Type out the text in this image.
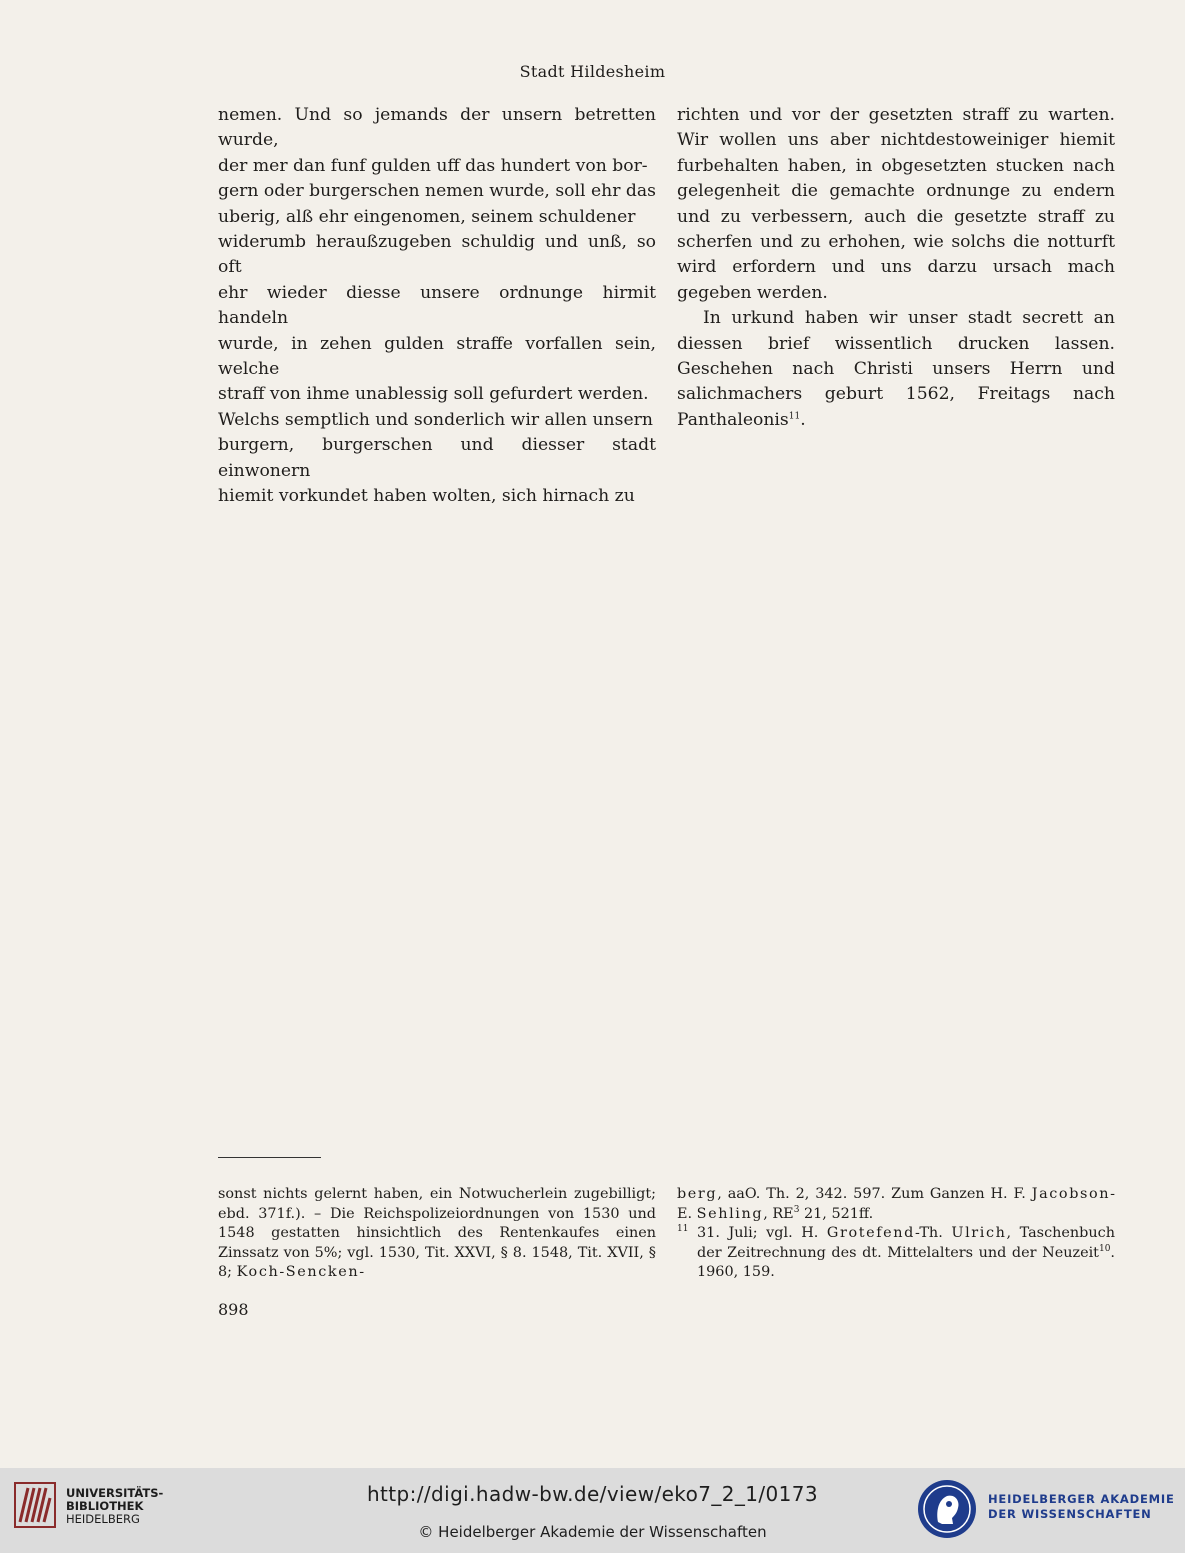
Stadt Hildesheim

nemen. Und so jemands der unsern betretten wurde,

der mer dan funf gulden uff das hundert von bor-

gern oder burgerschen nemen wurde, soll ehr das

uberig, alß ehr eingenomen, seinem schuldener

widerumb heraußzugeben schuldig und unß, so oft

ehr wieder diesse unsere ordnunge hirmit handeln

wurde, in zehen gulden straffe vorfallen sein, welche

straff von ihme unablessig soll gefurdert werden.

Welchs semptlich und sonderlich wir allen unsern

burgern, burgerschen und diesser stadt einwonern

hiemit vorkundet haben wolten, sich hirnach zu

richten und vor der gesetzten straff zu warten. Wir wollen uns aber nichtdestoweiniger hiemit furbehalten haben, in obgesetzten stucken nach gelegenheit die gemachte ordnunge zu endern und zu verbessern, auch die gesetzte straff zu scherfen und zu erhohen, wie solchs die notturft wird erfordern und uns darzu ursach mach gegeben werden.

In urkund haben wir unser stadt secrett an diessen brief wissentlich drucken lassen. Geschehen nach Christi unsers Herrn und salichmachers geburt 1562, Freitags nach Panthaleonis$^{11}$.

sonst nichts gelernt haben, ein Notwucherlein zugebilligt; ebd. 371f.). – Die Reichspolizeiordnungen von 1530 und 1548 gestatten hinsichtlich des Rentenkaufes einen Zinssatz von 5%; vgl. 1530, Tit. XXVI, § 8. 1548, Tit. XVII, § 8; Koch-Sencken-

berg, aaO. Th. 2, 342. 597. Zum Ganzen H. F. Jacobson-E. Sehling, $RE^3$ 21, 521ff.

$^{11}$ 31. Juli; vgl. H. Grotefend-Th. Ulrich, Taschenbuch der Zeitrechnung des dt. Mittelalters und der Neuzeit$^{10}$. 1960, 159.

898
UNIVERSITÄTS-
BIBLIOTHEK
HEIDELBERG
http://digi.hadw-bw.de/view/eko7_2_1/0173
© Heidelberger Akademie der Wissenschaften
HEIDELBERGER AKADEMIE
DER WISSENSCHAFTEN
